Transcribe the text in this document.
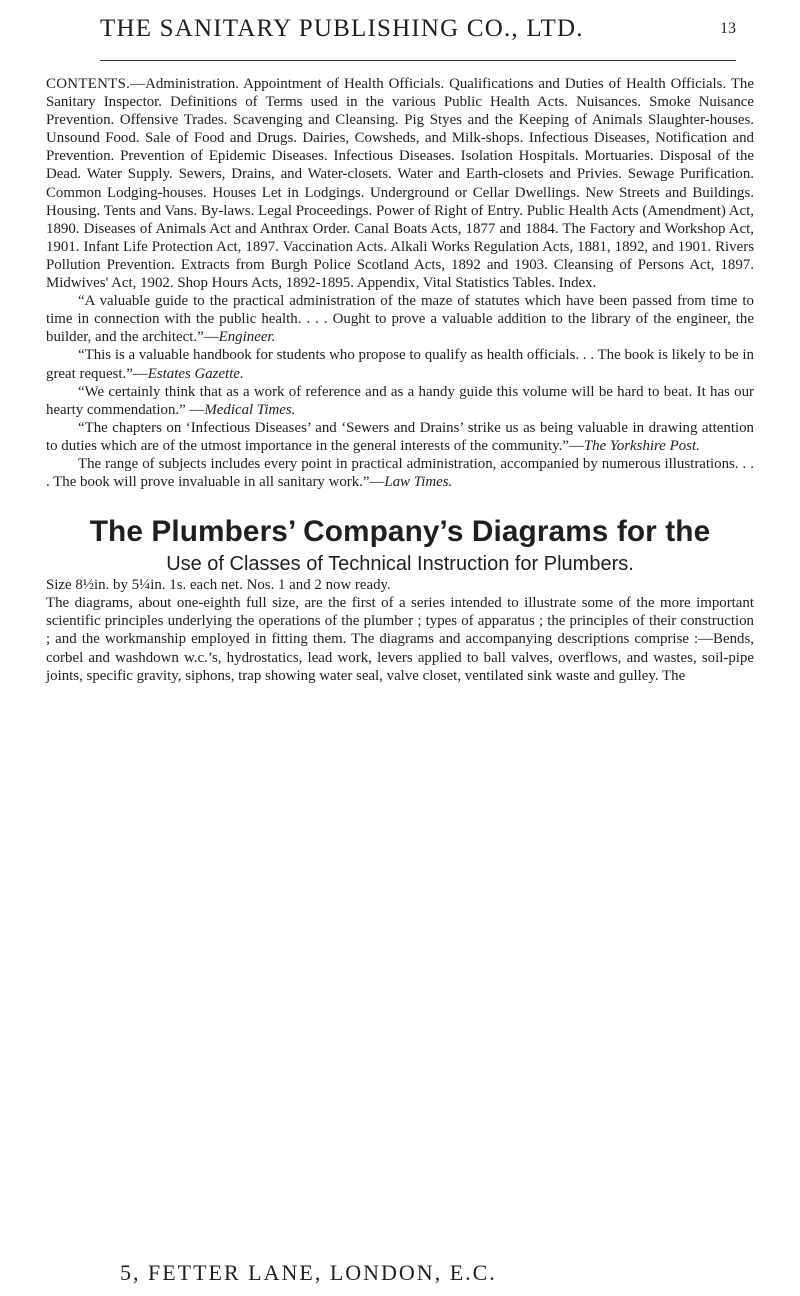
THE SANITARY PUBLISHING CO., LTD.	13

CONTENTS.—Administration. Appointment of Health Officials. Qualifications and Duties of Health Officials. The Sanitary Inspector. Definitions of Terms used in the various Public Health Acts. Nuisances. Smoke Nuisance Prevention. Offensive Trades. Scavenging and Cleansing. Pig Styes and the Keeping of Animals Slaughter-houses. Unsound Food. Sale of Food and Drugs. Dairies, Cowsheds, and Milk-shops. Infectious Diseases, Notification and Prevention. Prevention of Epidemic Diseases. Infectious Diseases. Isolation Hospitals. Mortuaries. Disposal of the Dead. Water Supply. Sewers, Drains, and Water-closets. Water and Earth-closets and Privies. Sewage Purification. Common Lodging-houses. Houses Let in Lodgings. Underground or Cellar Dwellings. New Streets and Buildings. Housing. Tents and Vans. By-laws. Legal Proceedings. Power of Right of Entry. Public Health Acts (Amendment) Act, 1890. Diseases of Animals Act and Anthrax Order. Canal Boats Acts, 1877 and 1884. The Factory and Workshop Act, 1901. Infant Life Protection Act, 1897. Vaccination Acts. Alkali Works Regulation Acts, 1881, 1892, and 1901. Rivers Pollution Prevention. Extracts from Burgh Police Scotland Acts, 1892 and 1903. Cleansing of Persons Act, 1897. Midwives' Act, 1902. Shop Hours Acts, 1892-1895. Appendix, Vital Statistics Tables. Index.

“A valuable guide to the practical administration of the maze of statutes which have been passed from time to time in connection with the public health. . . . Ought to prove a valuable addition to the library of the engineer, the builder, and the architect.”—Engineer.

“This is a valuable handbook for students who propose to qualify as health officials. . . The book is likely to be in great request.”—Estates Gazette.

“We certainly think that as a work of reference and as a handy guide this volume will be hard to beat. It has our hearty commendation.” —Medical Times.

“The chapters on ‘Infectious Diseases’ and ‘Sewers and Drains’ strike us as being valuable in drawing attention to duties which are of the utmost importance in the general interests of the community.”—The Yorkshire Post.

The range of subjects includes every point in practical administration, accompanied by numerous illustrations. . . . The book will prove invaluable in all sanitary work.”—Law Times.

The Plumbers’ Company’s Diagrams for the

Use of Classes of Technical Instruction for Plumbers.

Size 8½in. by 5¼in. 1s. each net. Nos. 1 and 2 now ready.

The diagrams, about one-eighth full size, are the first of a series intended to illustrate some of the more important scientific principles underlying the operations of the plumber ; types of apparatus ; the principles of their construction ; and the workmanship employed in fitting them. The diagrams and accompanying descriptions comprise :—Bends, corbel and washdown w.c.’s, hydrostatics, lead work, levers applied to ball valves, overflows, and wastes, soil-pipe joints, specific gravity, siphons, trap showing water seal, valve closet, ventilated sink waste and gulley. The

5, FETTER LANE, LONDON, E.C.
